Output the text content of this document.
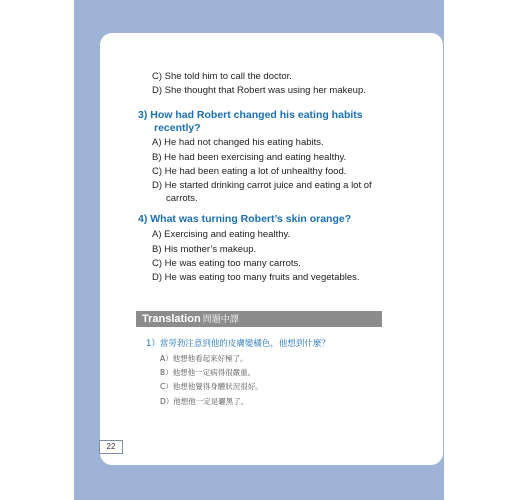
C) She told him to call the doctor.
D) She thought that Robert was using her makeup.
3) How had Robert changed his eating habits
recently?
A) He had not changed his eating habits.
B) He had been exercising and eating healthy.
C) He had been eating a lot of unhealthy food.
D) He started drinking carrot juice and eating a lot of
carrots.
4) What was turning Robert’s skin orange?
A) Exercising and eating healthy.
B) His mother’s makeup.
C) He was eating too many carrots.
D) He was eating too many fruits and vegetables.
Translation 問題中譯
1）當勞勃注意到他的皮膚變橘色，他想到什麼？
A）他想他看起來好極了。
B）他想他一定病得很嚴重。
C）他想他覺得身體狀況很好。
D）他想他一定是曬黑了。
22
